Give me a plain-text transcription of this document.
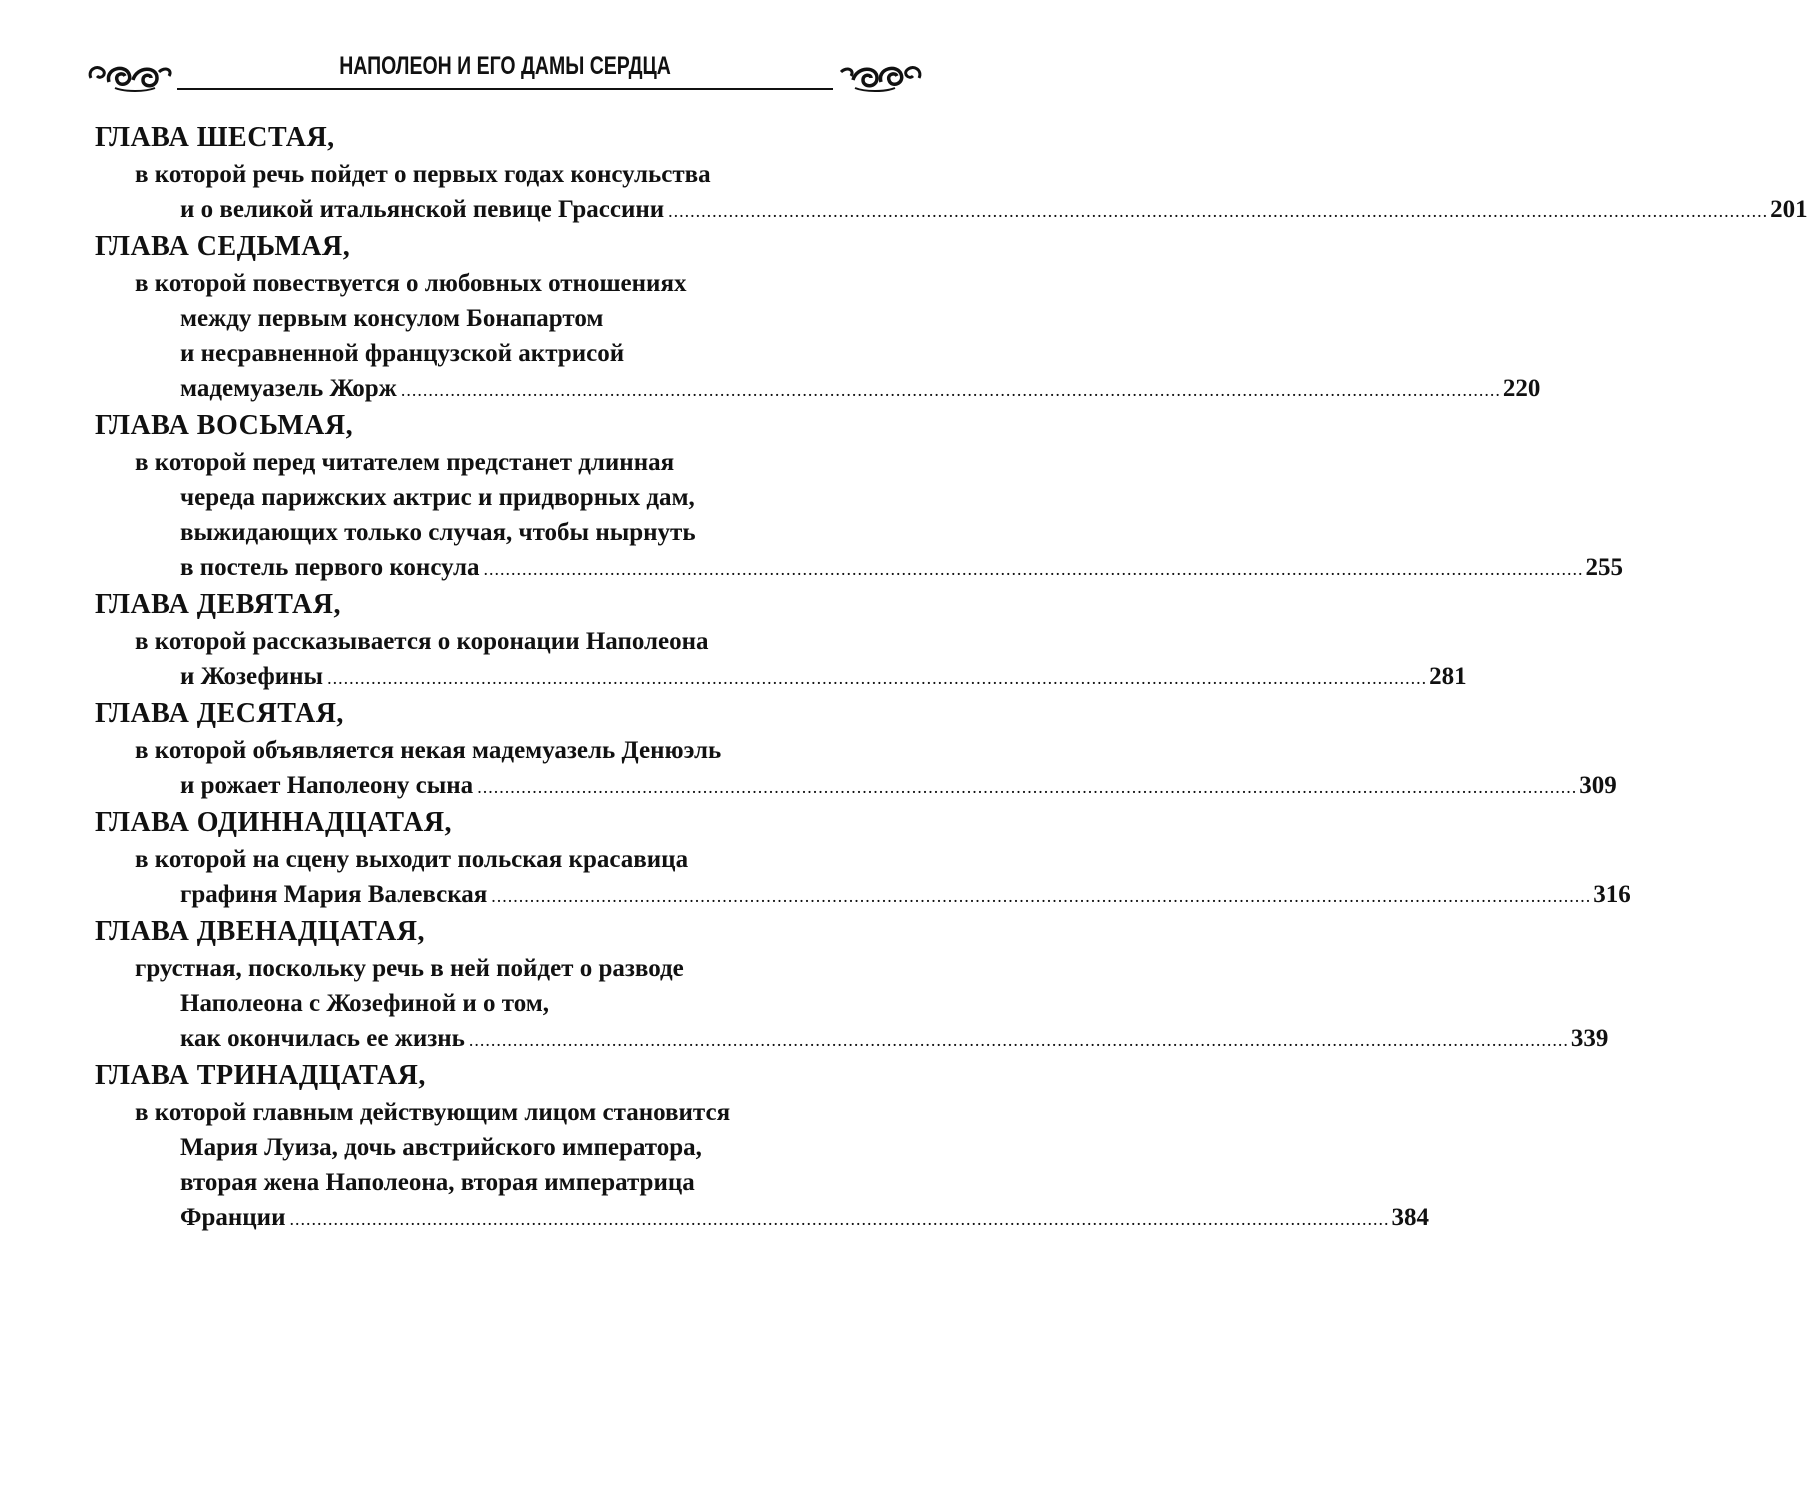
НАПОЛЕОН И ЕГО ДАМЫ СЕРДЦА
ГЛАВА ШЕСТАЯ,
в которой речь пойдет о первых годах консульства
и о великой итальянской певице Грассини ........................................................................................................................................................................................................ 201
ГЛАВА СЕДЬМАЯ,
в которой повествуется о любовных отношениях
между первым консулом Бонапартом
и несравненной французской актрисой
мадемуазель Жорж ........................................................................................................................................................................................................ 220
ГЛАВА ВОСЬМАЯ,
в которой перед читателем предстанет длинная
череда парижских актрис и придворных дам,
выжидающих только случая, чтобы нырнуть
в постель первого консула ........................................................................................................................................................................................................ 255
ГЛАВА ДЕВЯТАЯ,
в которой рассказывается о коронации Наполеона
и Жозефины ........................................................................................................................................................................................................ 281
ГЛАВА ДЕСЯТАЯ,
в которой объявляется некая мадемуазель Денюэль
и рожает Наполеону сына ........................................................................................................................................................................................................ 309
ГЛАВА ОДИННАДЦАТАЯ,
в которой на сцену выходит польская красавица
графиня Мария Валевская ........................................................................................................................................................................................................ 316
ГЛАВА ДВЕНАДЦАТАЯ,
грустная, поскольку речь в ней пойдет о разводе
Наполеона с Жозефиной и о том,
как окончилась ее жизнь ........................................................................................................................................................................................................ 339
ГЛАВА ТРИНАДЦАТАЯ,
в которой главным действующим лицом становится
Мария Луиза, дочь австрийского императора,
вторая жена Наполеона, вторая императрица
Франции ........................................................................................................................................................................................................ 384
